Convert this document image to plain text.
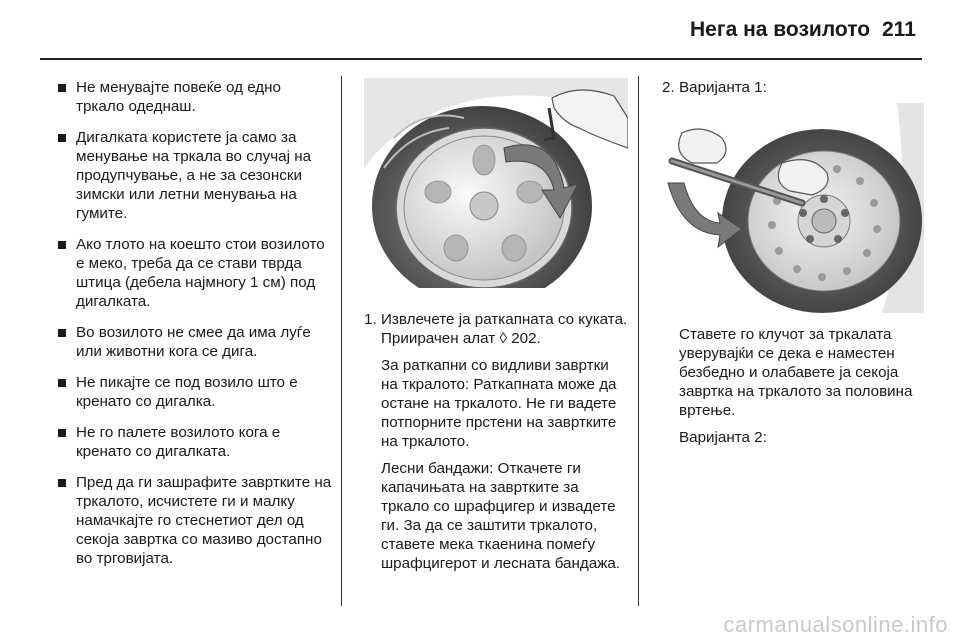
Нега на возилото 211
Не менувајте повеќе од едно тркало одеднаш.
Дигалката користете ја само за менување на тркала во случај на продупчување, а не за сезонски зимски или летни менувања на гумите.
Ако тлото на коешто стои возилото е меко, треба да се стави тврда штица (дебела најмногу 1 см) под дигалката.
Во возилото не смее да има луѓе или животни кога се дига.
Не пикајте се под возило што е кренато со дигалка.
Не го палете возилото кога е кренато со дигалката.
Пред да ги зашрафите завртките на тркалото, исчистете ги и малку намачкајте го стеснетиот дел од секоја завртка со мазиво достапно во трговијата.
1. Извлечете ја раткапната со куката. Приирачен алат ◊ 202.

За раткапни со видливи завртки на ткралото: Раткапната може да остане на тркалото. Не ги вадете потпорните прстени на завртките на тркалото.

Лесни бандажи: Откачете ги капачињата на завртките за тркало со шрафцигер и извадете ги. За да се заштити тркалото, ставете мека ткаенина помеѓу шрафцигерот и лесната бандажа.

2. Варијанта 1:

Ставете го клучот за тркалата уверувајќи се дека е наместен безбедно и олабавете ја секоја завртка на тркалото за половина вртење.

Варијанта 2:

carmanualsonline.info
